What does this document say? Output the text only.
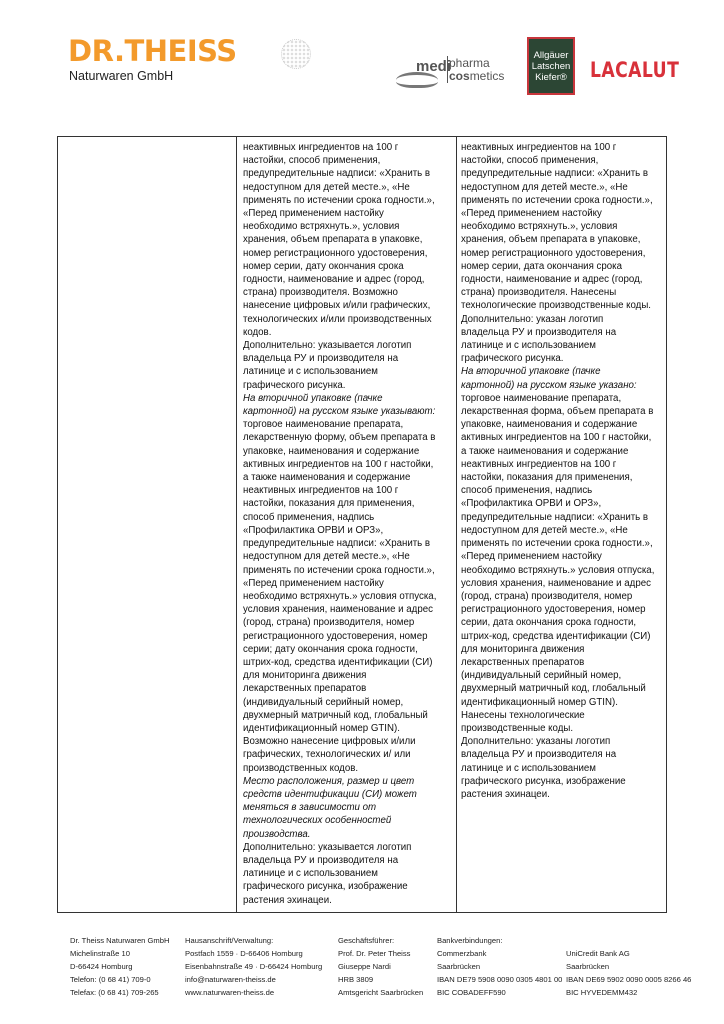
DR.THEISS
Naturwaren GmbH
medi
pharma
cosmetics
Allgäuer
Latschen
Kiefer® LACALUT
неактивных ингредиентов на 100 г
настойки, способ применения,
предупредительные надписи: «Хранить в
недоступном для детей месте.», «Не
применять по истечении срока годности.»,
«Перед применением настойку
необходимо встряхнуть.», условия
хранения, объем препарата в упаковке,
номер регистрационного удостоверения,
номер серии, дату окончания срока
годности, наименование и адрес (город,
страна) производителя. Возможно
нанесение цифровых и/или графических,
технологических и/или производственных
кодов.
Дополнительно: указывается логотип
владельца РУ и производителя на
латинице и с использованием
графического рисунка.
На вторичной упаковке (пачке
картонной) на русском языке указывают:
торговое наименование препарата,
лекарственную форму, объем препарата в
упаковке, наименования и содержание
активных ингредиентов на 100 г настойки,
а также наименования и содержание
неактивных ингредиентов на 100 г
настойки, показания для применения,
способ применения, надпись
«Профилактика ОРВИ и ОРЗ»,
предупредительные надписи: «Хранить в
недоступном для детей месте.», «Не
применять по истечении срока годности.»,
«Перед применением настойку
необходимо встряхнуть.» условия отпуска,
условия хранения, наименование и адрес
(город, страна) производителя, номер
регистрационного удостоверения, номер
серии; дату окончания срока годности,
штрих-код, средства идентификации (СИ)
для мониторинга движения
лекарственных препаратов
(индивидуальный серийный номер,
двухмерный матричный код, глобальный
идентификационный номер GTIN).
Возможно нанесение цифровых и/или
графических, технологических и/ или
производственных кодов.
Место расположения, размер и цвет
средств идентификации (СИ) может
меняться в зависимости от
технологических особенностей
производства.
Дополнительно: указывается логотип
владельца РУ и производителя на
латинице и с использованием
графического рисунка, изображение
растения эхинацеи.
неактивных ингредиентов на 100 г
настойки, способ применения,
предупредительные надписи: «Хранить в
недоступном для детей месте.», «Не
применять по истечении срока годности.»,
«Перед применением настойку
необходимо встряхнуть.», условия
хранения, объем препарата в упаковке,
номер регистрационного удостоверения,
номер серии, дата окончания срока
годности, наименование и адрес (город,
страна) производителя. Нанесены
технологические производственные коды.
Дополнительно: указан логотип
владельца РУ и производителя на
латинице и с использованием
графического рисунка.
На вторичной упаковке (пачке
картонной) на русском языке указано:
торговое наименование препарата,
лекарственная форма, объем препарата в
упаковке, наименования и содержание
активных ингредиентов на 100 г настойки,
а также наименования и содержание
неактивных ингредиентов на 100 г
настойки, показания для применения,
способ применения, надпись
«Профилактика ОРВИ и ОРЗ»,
предупредительные надписи: «Хранить в
недоступном для детей месте.», «Не
применять по истечении срока годности.»,
«Перед применением настойку
необходимо встряхнуть.» условия отпуска,
условия хранения, наименование и адрес
(город, страна) производителя, номер
регистрационного удостоверения, номер
серии, дата окончания срока годности,
штрих-код, средства идентификации (СИ)
для мониторинга движения
лекарственных препаратов
(индивидуальный серийный номер,
двухмерный матричный код, глобальный
идентификационный номер GTIN).
Нанесены технологические
производственные коды.
Дополнительно: указаны логотип
владельца РУ и производителя на
латинице и с использованием
графического рисунка, изображение
растения эхинацеи.
Dr. Theiss Naturwaren GmbH
Michelinstraße 10
D-66424 Homburg
Telefon: (0 68 41) 709-0
Telefax: (0 68 41) 709-265
Hausanschrift/Verwaltung:
Postfach 1559 · D-66406 Homburg
Eisenbahnstraße 49 · D-66424 Homburg
info@naturwaren-theiss.de
www.naturwaren-theiss.de
Geschäftsführer:
Prof. Dr. Peter Theiss
Giuseppe Nardi
HRB 3809
Amtsgericht Saarbrücken
Bankverbindungen:
Commerzbank
Saarbrücken
IBAN DE79 5908 0090 0305 4801 00
BIC COBADEFF590
UniCredit Bank AG
Saarbrücken
IBAN DE69 5902 0090 0005 8266 46
BIC HYVEDEMM432
